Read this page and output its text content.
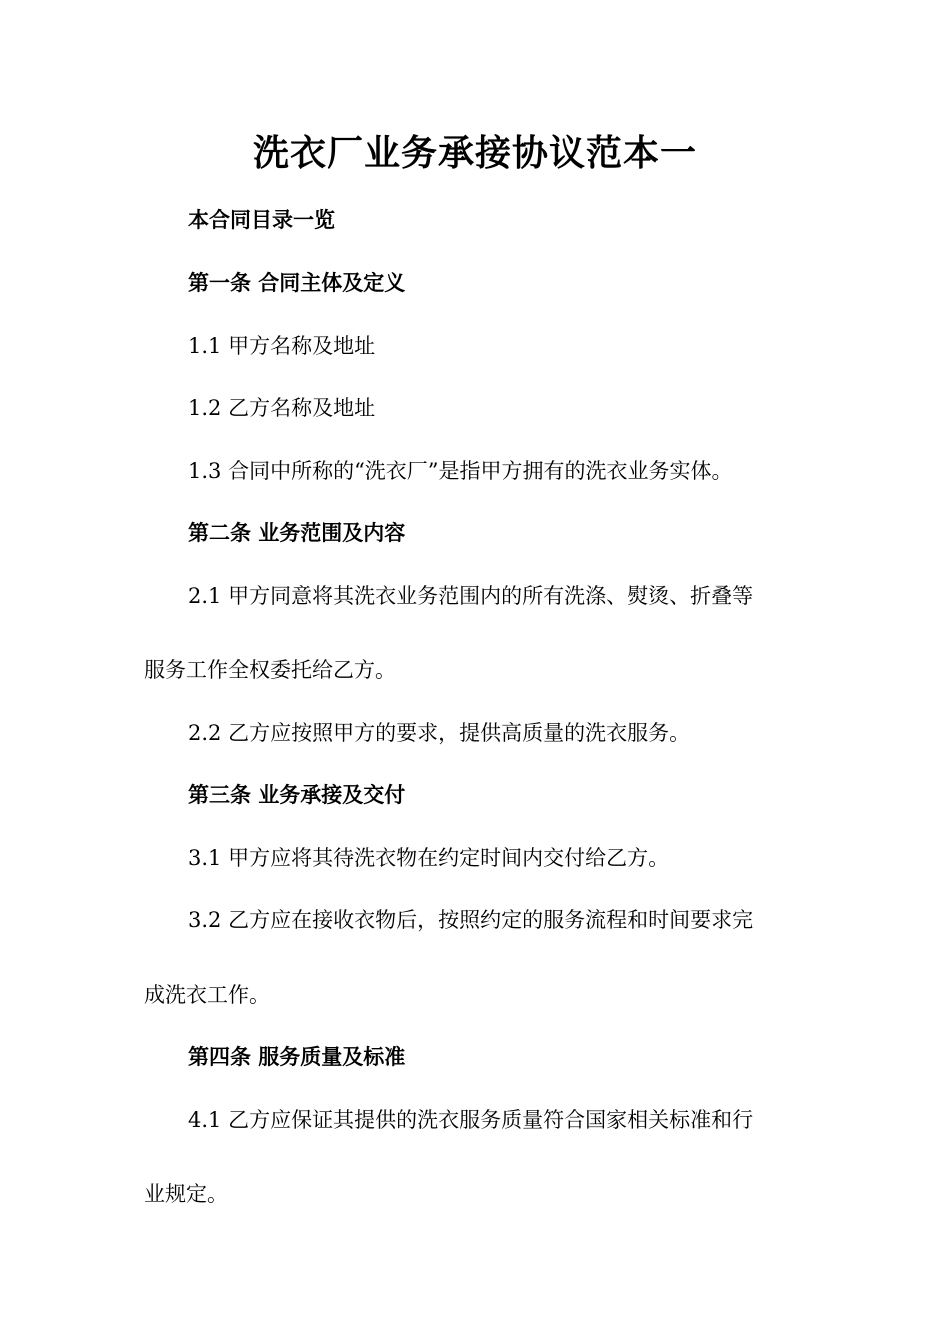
洗衣厂业务承接协议范本一
本合同目录一览
第一条 合同主体及定义
1.1 甲方名称及地址
1.2 乙方名称及地址
1.3 合同中所称的“洗衣厂”是指甲方拥有的洗衣业务实体。
第二条 业务范围及内容
2.1 甲方同意将其洗衣业务范围内的所有洗涤、熨烫、折叠等
服务工作全权委托给乙方。
2.2 乙方应按照甲方的要求，提供高质量的洗衣服务。
第三条 业务承接及交付
3.1 甲方应将其待洗衣物在约定时间内交付给乙方。
3.2 乙方应在接收衣物后，按照约定的服务流程和时间要求完
成洗衣工作。
第四条 服务质量及标准
4.1 乙方应保证其提供的洗衣服务质量符合国家相关标准和行
业规定。
